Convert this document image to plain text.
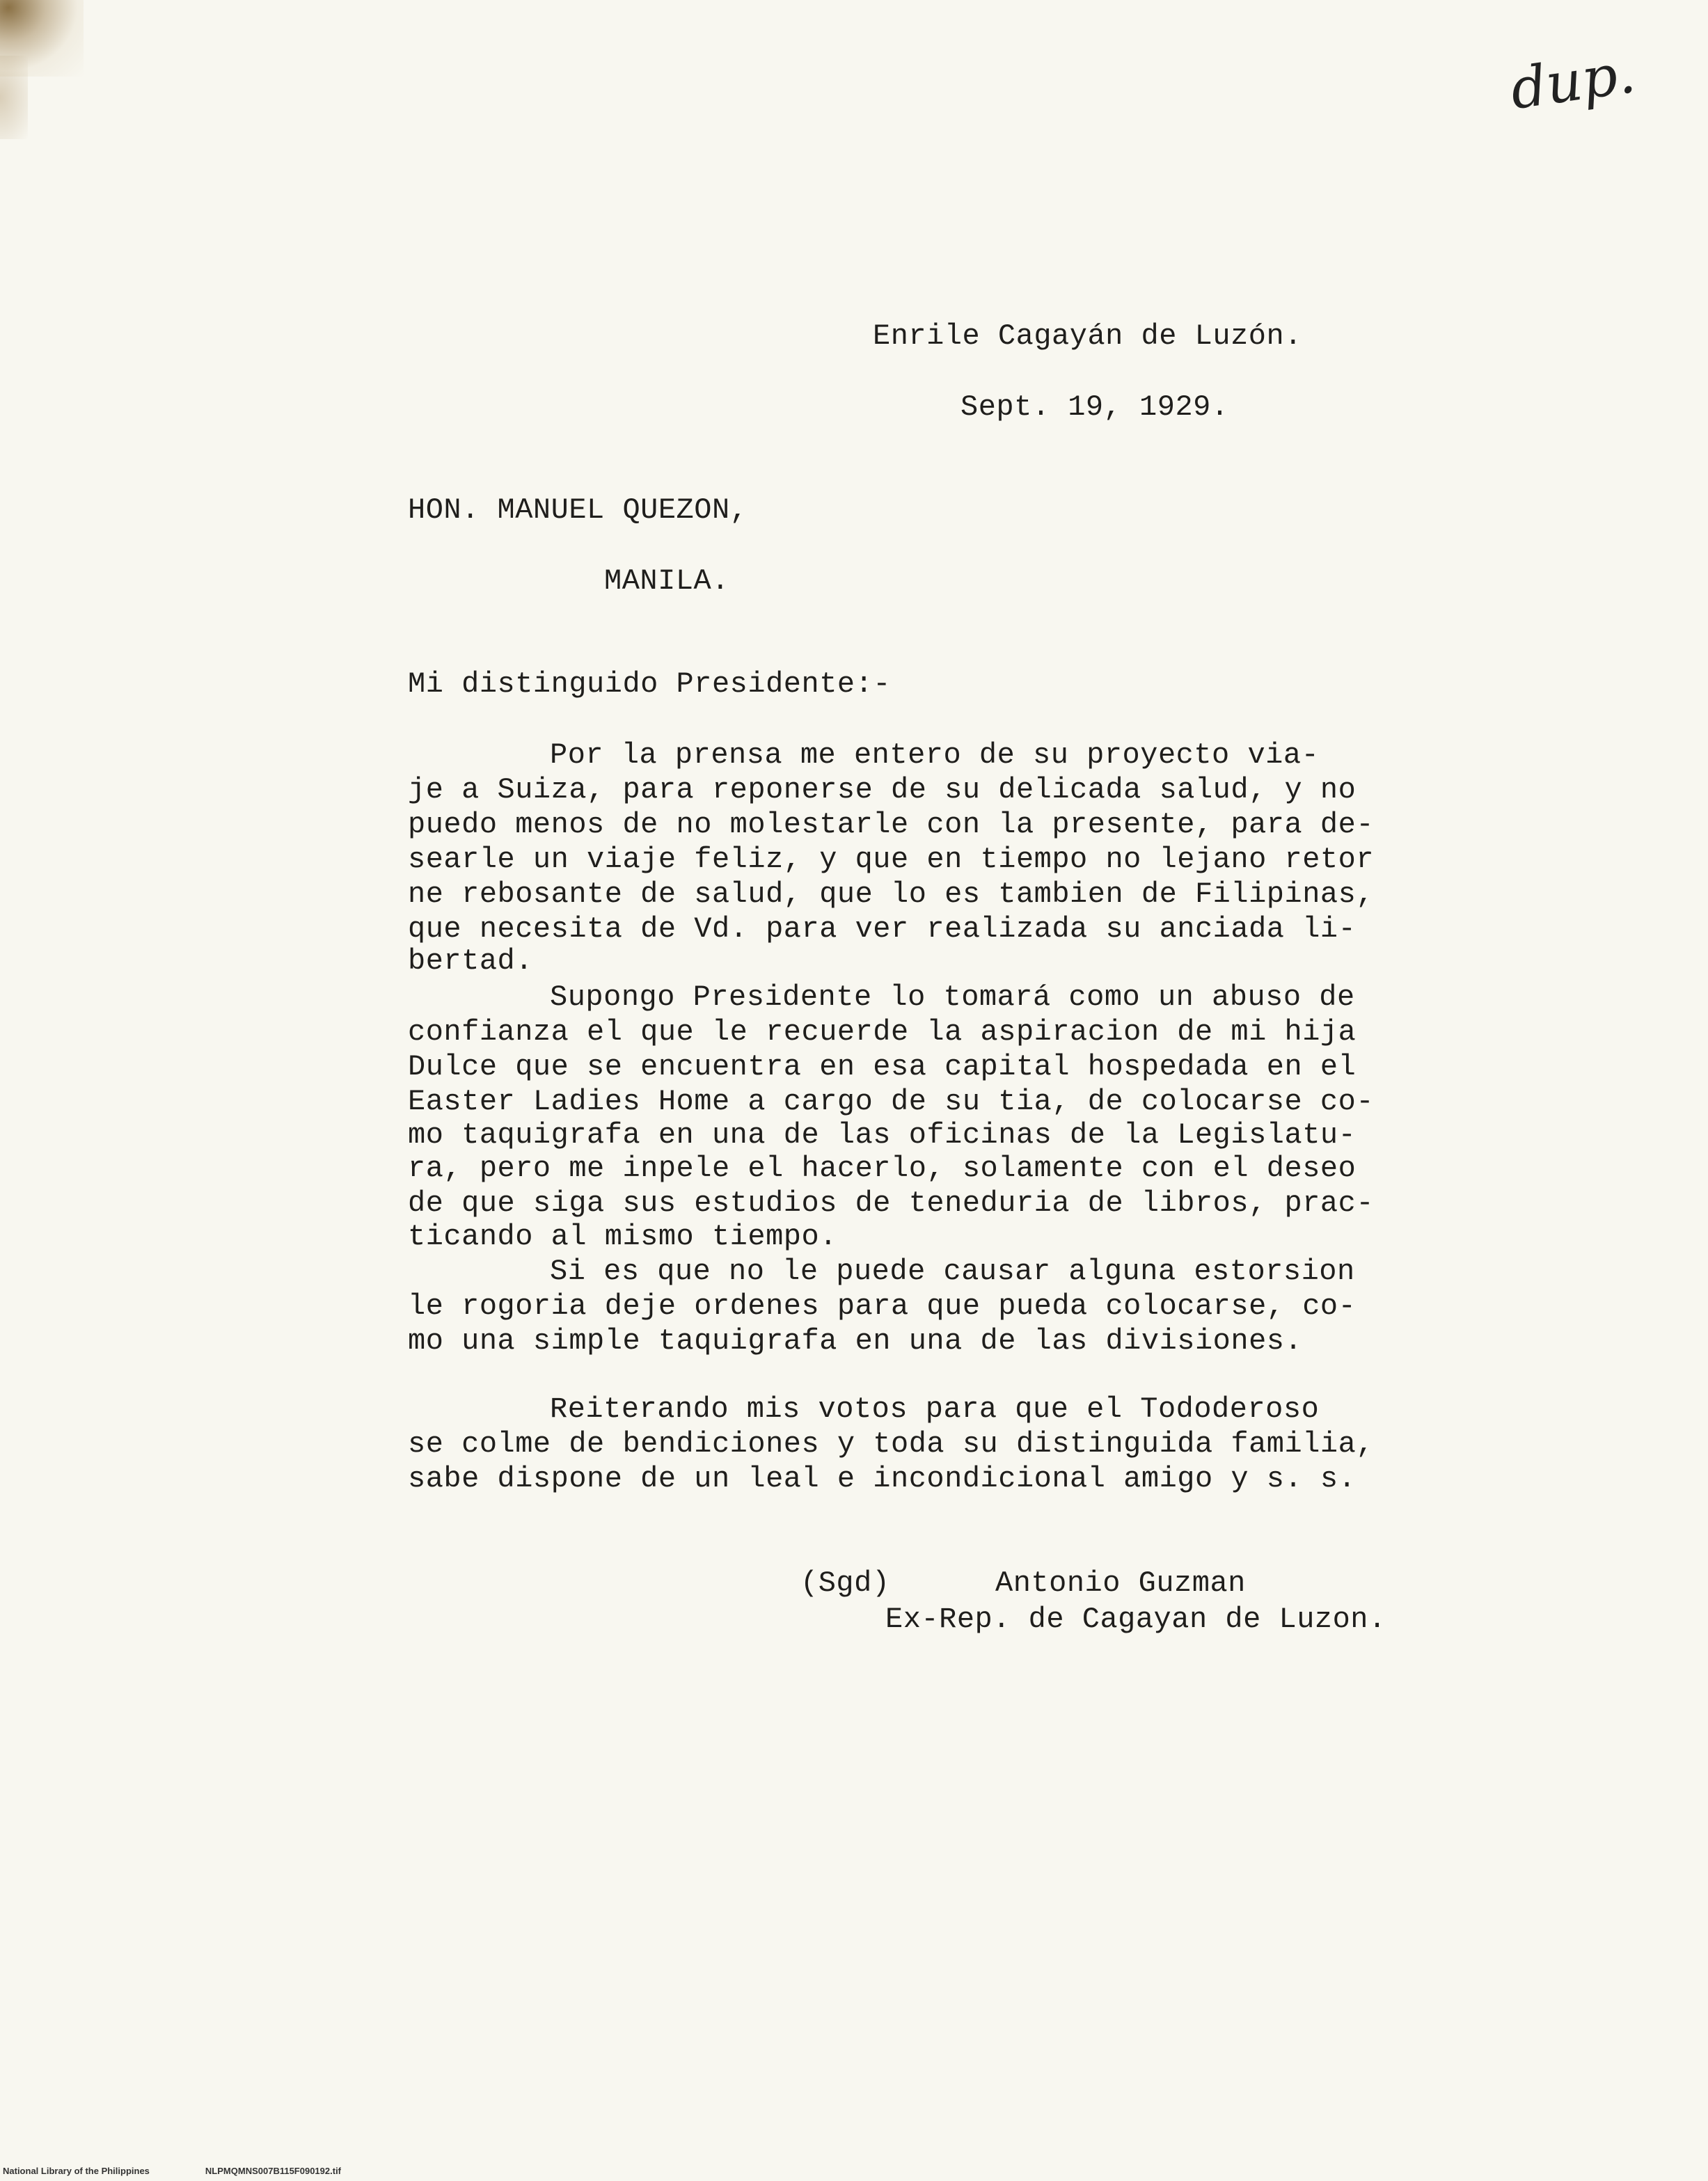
dup.
Enrile Cagayán de Luzón.
Sept. 19, 1929.
HON. MANUEL QUEZON,
MANILA.
Mi distinguido Presidente:-
Por la prensa me entero de su proyecto via-
je a Suiza, para reponerse de su delicada salud, y no
puedo menos de no molestarle con la presente, para de-
searle un viaje feliz, y que en tiempo no lejano retor
ne rebosante de salud, que lo es tambien de Filipinas,
que necesita de Vd. para ver realizada su anciada li-
bertad.
Supongo Presidente lo tomará como un abuso de
confianza el que le recuerde la aspiracion de mi hija
Dulce que se encuentra en esa capital hospedada en el
Easter Ladies Home a cargo de su tia, de colocarse co-
mo taquigrafa en una de las oficinas de la Legislatu-
ra, pero me inpele el hacerlo, solamente con el deseo
de que siga sus estudios de teneduria de libros, prac-
ticando al mismo tiempo.
Si es que no le puede causar alguna estorsion
le rogoria deje ordenes para que pueda colocarse, co-
mo una simple taquigrafa en una de las divisiones.
Reiterando mis votos para que el Tododeroso
se colme de bendiciones y toda su distinguida familia,
sabe dispone de un leal e incondicional amigo y s. s.
(Sgd)	Antonio Guzman
Ex-Rep. de Cagayan de Luzon.
National Library of the Philippines	NLPMQMNS007B115F090192.tif
